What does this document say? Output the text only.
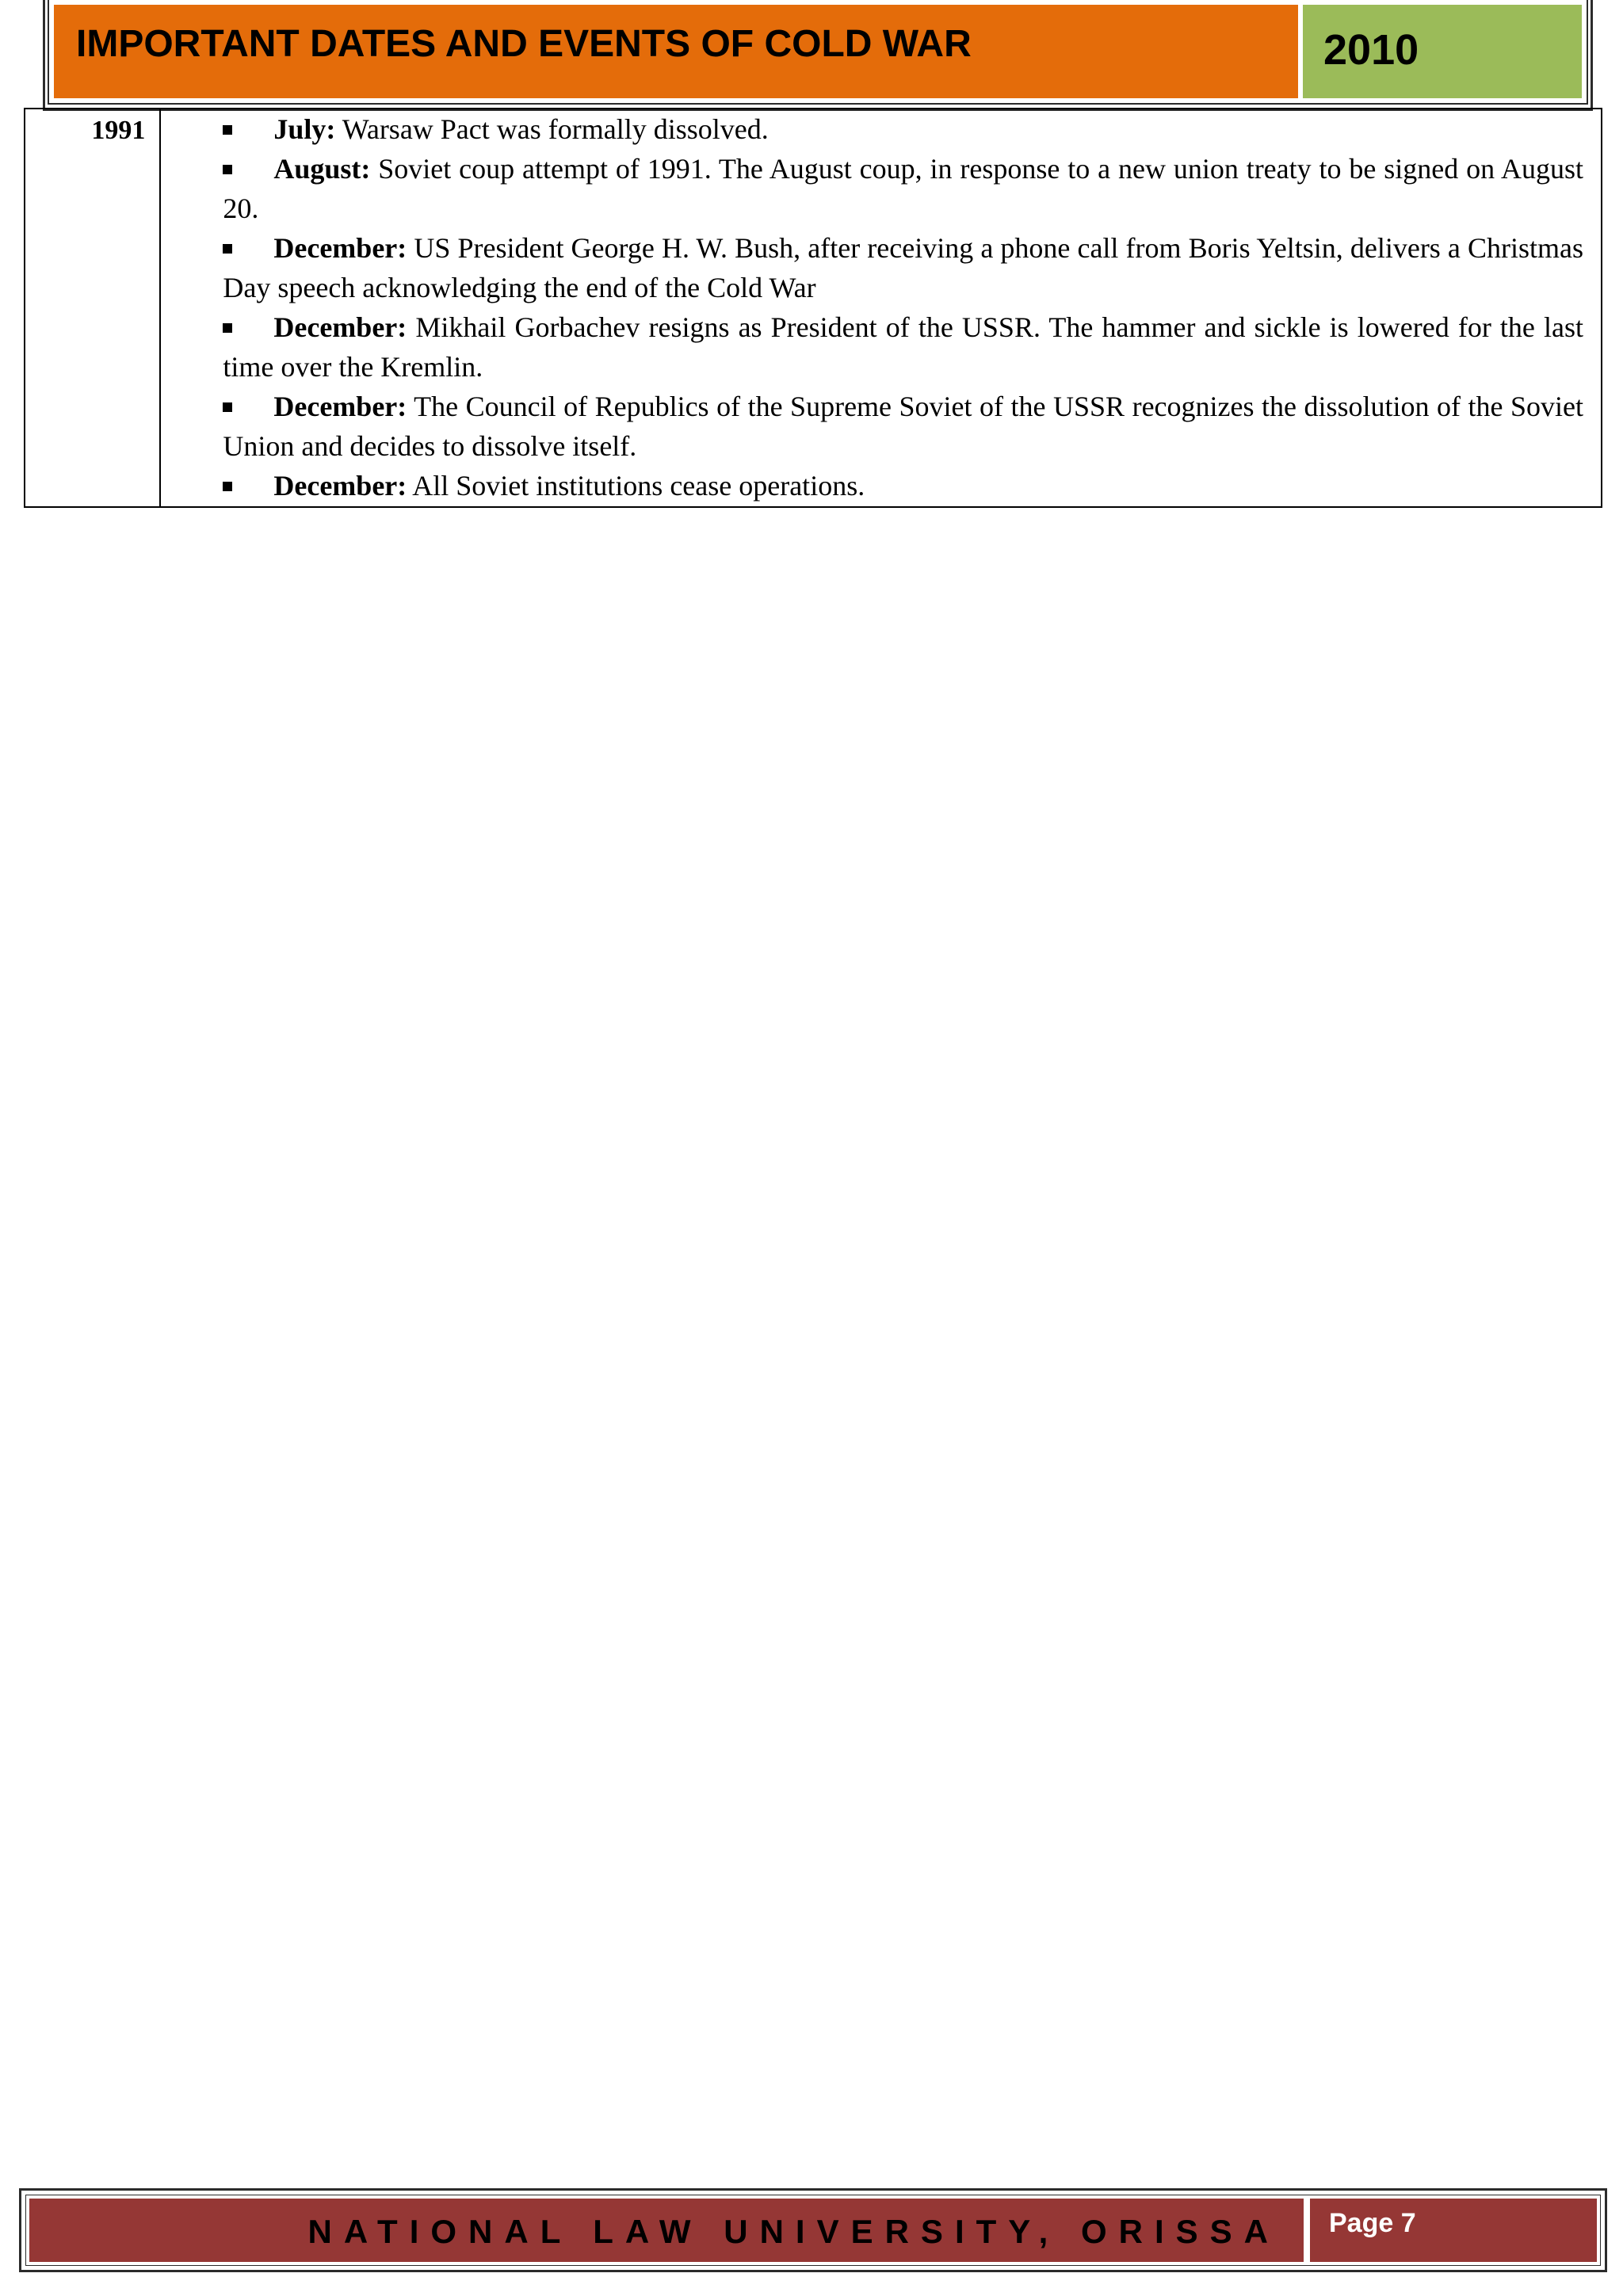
IMPORTANT DATES AND EVENTS OF COLD WAR	2010
1991	July: Warsaw Pact was formally dissolved.
August: Soviet coup attempt of 1991. The August coup, in response to a new union treaty to be signed on August 20.
December: US President George H. W. Bush, after receiving a phone call from Boris Yeltsin, delivers a Christmas Day speech acknowledging the end of the Cold War
December: Mikhail Gorbachev resigns as President of the USSR. The hammer and sickle is lowered for the last time over the Kremlin.
December: The Council of Republics of the Supreme Soviet of the USSR recognizes the dissolution of the Soviet Union and decides to dissolve itself.
December: All Soviet institutions cease operations.
NATIONAL LAW UNIVERSITY, ORISSA	Page 7
